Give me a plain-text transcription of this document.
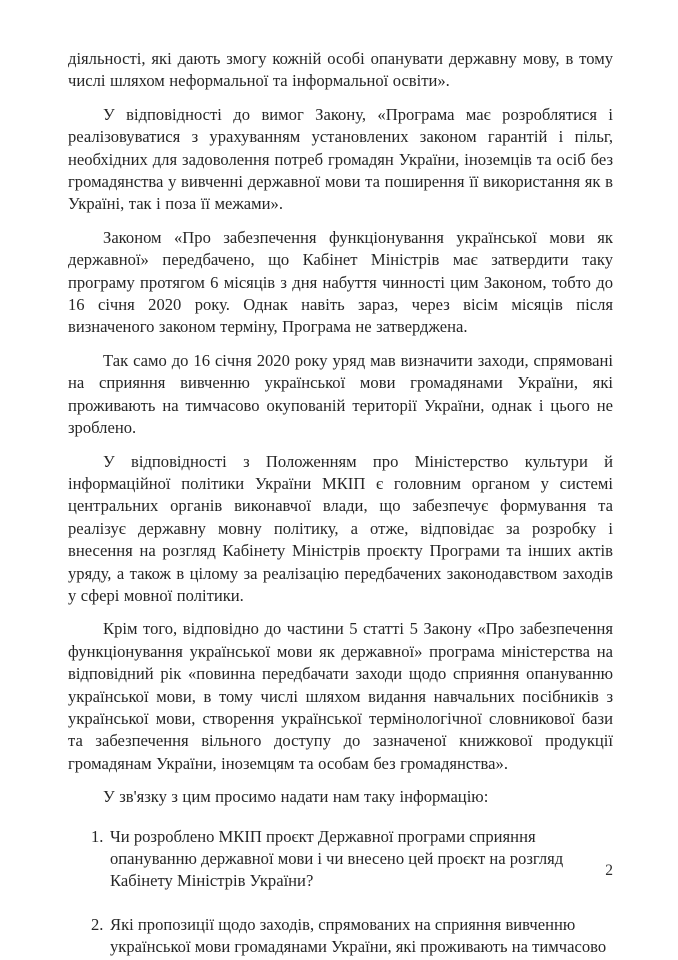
діяльності, які дають змогу кожній особі опанувати державну мову, в тому числі шляхом неформальної та інформальної освіти».

У відповідності до вимог Закону, «Програма має розроблятися і реалізовуватися з урахуванням установлених законом гарантій і пільг, необхідних для задоволення потреб громадян України, іноземців та осіб без громадянства у вивченні державної мови та поширення її використання як в Україні, так і поза її межами».

Законом «Про забезпечення функціонування української мови як державної» передбачено, що Кабінет Міністрів має затвердити таку програму протягом 6 місяців з дня набуття чинності цим Законом, тобто до 16 січня 2020 року. Однак навіть зараз, через вісім місяців після визначеного законом терміну, Програма не затверджена.

Так само до 16 січня 2020 року уряд мав визначити заходи, спрямовані на сприяння вивченню української мови громадянами України, які проживають на тимчасово окупованій території України, однак і цього не зроблено.

У відповідності з Положенням про Міністерство культури й інформаційної політики України МКІП є головним органом у системі центральних органів виконавчої влади, що забезпечує формування та реалізує державну мовну політику, а отже, відповідає за розробку і внесення на розгляд Кабінету Міністрів проєкту Програми та інших актів уряду, а також в цілому за реалізацію передбачених законодавством заходів у сфері мовної політики.

Крім того, відповідно до частини 5 статті 5 Закону «Про забезпечення функціонування української мови як державної» програма міністерства на відповідний рік «повинна передбачати заходи щодо сприяння опануванню української мови, в тому числі шляхом видання навчальних посібників з української мови, створення української термінологічної словникової бази та забезпечення вільного доступу до зазначеної книжкової продукції громадянам України, іноземцям та особам без громадянства».

У зв'язку з цим просимо надати нам таку інформацію:

1. Чи розроблено МКІП проєкт Державної програми сприяння опануванню державної мови і чи внесено цей проєкт на розгляд Кабінету Міністрів України?
2. Які пропозиції щодо заходів, спрямованих на сприяння вивченню української мови громадянами України, які проживають на тимчасово
2
